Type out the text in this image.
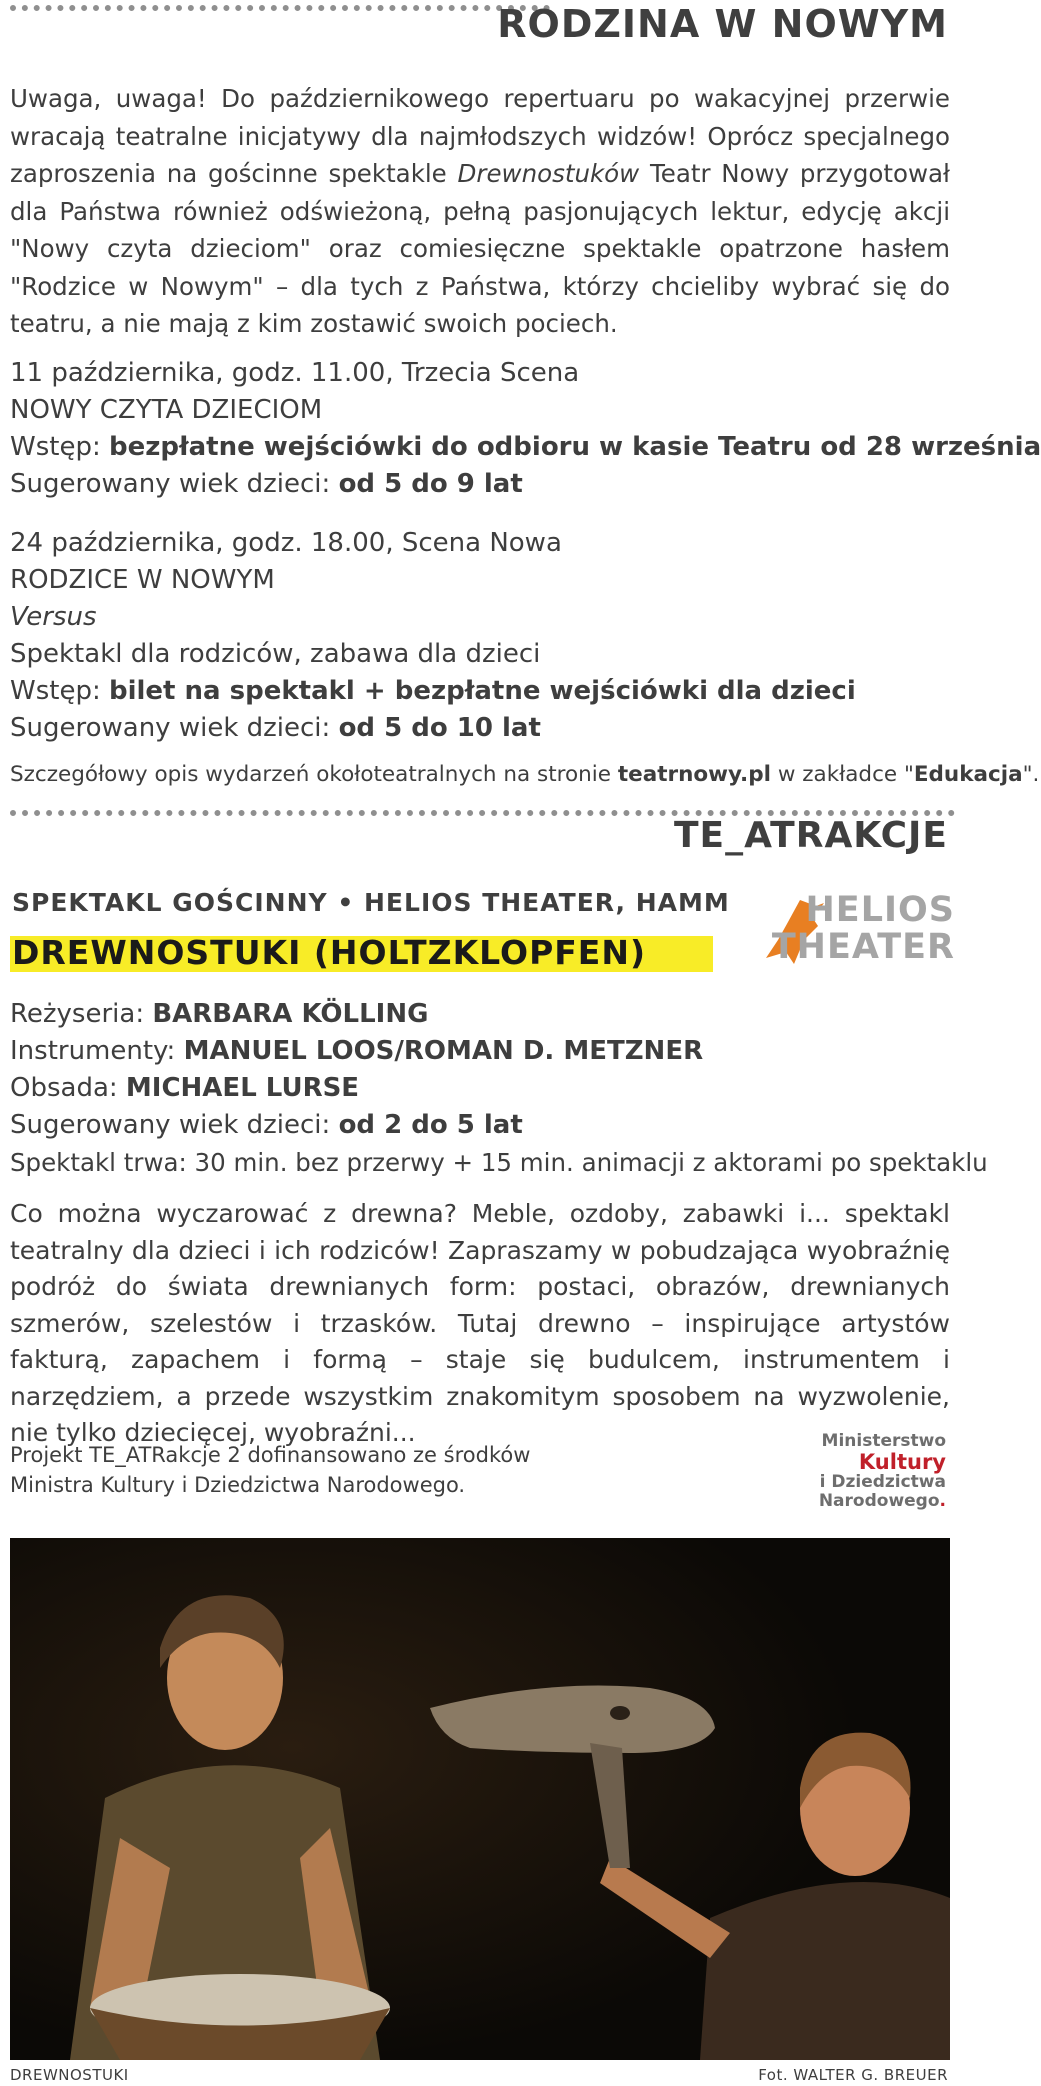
RODZINA W NOWYM
Uwaga, uwaga! Do październikowego repertuaru po wakacyjnej przerwie wracają teatralne inicjatywy dla najmłodszych widzów! Oprócz specjalnego zaproszenia na gościnne spektakle Drewnostuków Teatr Nowy przygotował dla Państwa również odświeżoną, pełną pasjonujących lektur, edycję akcji "Nowy czyta dzieciom" oraz comiesięczne spektakle opatrzone hasłem "Rodzice w Nowym" – dla tych z Państwa, którzy chcieliby wybrać się do teatru, a nie mają z kim zostawić swoich pociech.
11 października, godz. 11.00, Trzecia Scena
NOWY CZYTA DZIECIOM
Wstęp: bezpłatne wejściówki do odbioru w kasie Teatru od 28 września
Sugerowany wiek dzieci: od 5 do 9 lat
24 października, godz. 18.00, Scena Nowa
RODZICE W NOWYM
Versus
Spektakl dla rodziców, zabawa dla dzieci
Wstęp: bilet na spektakl + bezpłatne wejściówki dla dzieci
Sugerowany wiek dzieci: od 5 do 10 lat
Szczegółowy opis wydarzeń okołoteatralnych na stronie teatrnowy.pl w zakładce "Edukacja".
TE_ATRAKCJE
SPEKTAKL GOŚCINNY • HELIOS THEATER, HAMM
DREWNOSTUKI (HOLTZKLOPFEN)
HELIOS
THEATER
Reżyseria: BARBARA KÖLLING
Instrumenty: MANUEL LOOS/ROMAN D. METZNER
Obsada: MICHAEL LURSE
Sugerowany wiek dzieci: od 2 do 5 lat
Spektakl trwa: 30 min. bez przerwy + 15 min. animacji z aktorami po spektaklu
Co można wyczarować z drewna? Meble, ozdoby, zabawki i... spektakl teatralny dla dzieci i ich rodziców! Zapraszamy w pobudzająca wyobraźnię podróż do świata drewnianych form: postaci, obrazów, drewnianych szmerów, szelestów i trzasków. Tutaj drewno – inspirujące artystów fakturą, zapachem i formą – staje się budulcem, instrumentem i narzędziem, a przede wszystkim znakomitym sposobem na wyzwolenie, nie tylko dziecięcej, wyobraźni...
Projekt TE_ATRakcje 2 dofinansowano ze środków
Ministra Kultury i Dziedzictwa Narodowego.
Ministerstwo
Kultury
i Dziedzictwa
Narodowego.
DREWNOSTUKI	Fot. WALTER G. BREUER
